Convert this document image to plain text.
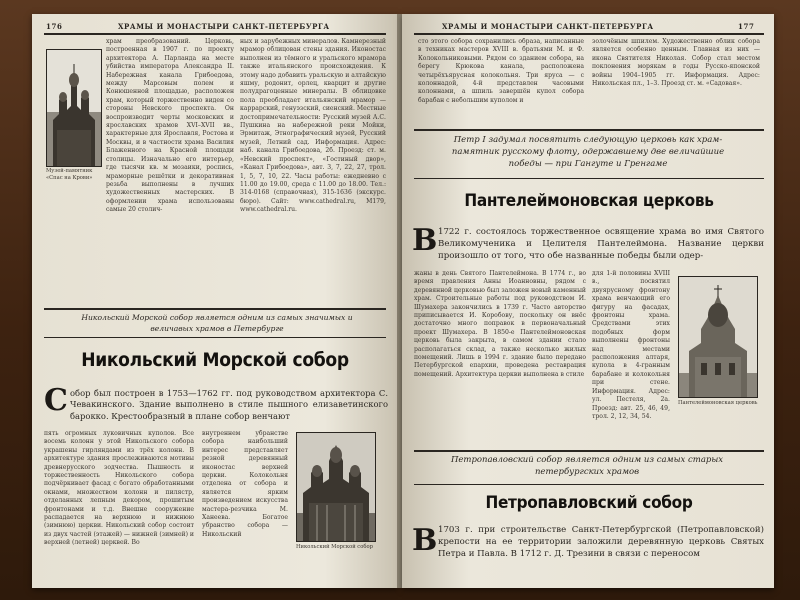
176	ХРАМЫ И МОНАСТЫРИ САНКТ-ПЕТЕРБУРГА
Музей-памятник «Спас на Крови»
храм преобразований. Церковь, построенная в 1907 г. по проекту архитектора А. Парланда на месте убийства императора Александра II. Набережная канала Грибоедова, между Марсовым полем и Конюшенной площадью, расположен храм, который торжественно виден со стороны Невского проспекта. Он воспроизводит черты московских и ярославских храмов XVI–XVII вв., характерные для Ярославля, Ростова и Москвы, и в частности храма Василия Блаженного на Красной площади столицы. Изначально его интерьер, где тысячи кв. м мозаики, роспись, мраморные решётки и декоративная резьба выполнены в лучших художественных мастерских. В оформлении храма использованы самые 20 столич-
ных и зарубежных минералов. Камнерезный мрамор облицован стены здания. Иконостас выполнен из тёмного и уральского мрамора также итальянского происхождения. К этому надо добавить уральскую и алтайскую яшму, родонит, орлец, кварцит и другие полудрагоценные минералы. В облицовке пола преобладает итальянский мрамор — каррарский, генуэзский, сиенский. Местные достопримечательности: Русский музей А.С. Пушкина на набережной реки Мойки, Эрмитаж, Этнографический музей, Русский музей, Летний сад. Информация. Адрес: наб. канала Грибоедова, 2б. Проезд: ст. м. «Невский проспект», «Гостиный двор», «Канал Грибоедова», авт. 3, 7, 22, 27, трол. 1, 5, 7, 10, 22. Часы работы: ежедневно с 11.00 до 19.00, среда с 11.00 до 18.00. Тел.: 314-0168 (справочная), 315-1636 (экскурс. бюро). Сайт: www.cathedral.ru, M179, www.cathedral.ru.
Никольский Морской собор является одним из самых значимых и величавых храмов в Петербурге
Никольский Морской собор
С обор был построен в 1753—1762 гг. под руководством архитектора С. Чевакинского. Здание выполнено в стиле пышного елизаветинского барокко. Крестообразный в плане собор венчают
пять огромных луковичных куполов. Все восемь колонн у этой Никольского собора украшены гирляндами из трёх колонн. В архитектуре здания прослеживаются мотивы древнерусского зодчества. Пышность и торжественность Никольского собора подчёркивает фасад с богато обработанными окнами, множеством колонн и пилястр, отделанных лепным декором, прошитым фронтонами и т.д. Внешне сооружение распадается на верхнюю и нижнюю (зимнюю) церкви. Никольский собор состоит из двух частей (этажей) — нижней (зимней) и верхней (летней) церквей. Во
внутреннем убранстве собора наибольший интерес представляет резной деревянный иконостас верхней церкви. Колокольня отделена от собора и является ярким произведением искусства мастера-резчика М. Ханеева. Богатое убранство собора — Никольский
Никольский Морской собор
ХРАМЫ И МОНАСТЫРИ САНКТ-ПЕТЕРБУРГА	177
сто этого собора сохранились образа, написанные в техниках мастеров XVIII в. братьями М. и Ф. Колокольниковыми. Рядом со зданием собора, на берегу Крюкова канала, расположена четырёхъярусная колокольня. Три яруса — с колоннадой, 4-й представлен часовыми колоннами, а шпиль завершён купол собора барабан с небольшим куполом и
золочёным шпилем. Художественно облик собора является особенно ценным. Главная из них — икона Святителя Николая. Собор стал местом поклонения морякам в годы Русско-японской войны 1904–1905 гг. Информация. Адрес: Никольская пл., 1–3. Проезд ст. м. «Садовая».
Петр I задумал посвятить следующую церковь как храм-памятник русскому флоту, одержавшему две величайшие победы — при Гангуте и Гренгаме
Пантелеймоновская церковь
В 1722 г. состоялось торжественное освящение храма во имя Святого Великомученика и Целителя Пантелеймона. Название церкви произошло от того, что обе названные победы были одер-
жаны в день Святого Пантелеймона. В 1774 г., во время правления Анны Иоанновны, рядом с деревянной церковью был заложен новый каменный храм. Строительные работы под руководством И. Шумахера закончились в 1739 г. Часто авторство приписывается И. Коробову, поскольку он внёс достаточно много поправок в первоначальный проект Шумахера. В 1850-е Пантелеймоновская церковь была закрыта, в самом здании стало располагаться склад, а также несколько жилых помещений. Лишь в 1994 г. здание было передано Петербургской епархии, проведена реставрация помещений. Архитектура церкви выполнена в стиле
для 1-й половины XVIII в., посвятил двуярусному фронтону храма венчающий его фигуру на фасадах, фронтоны храма. Средствами этих подобных форм выполнены фронтоны над местами расположения алтаря, купола в 4-гранным барабане и колокольня при стене. Информация. Адрес: ул. Пестеля, 2а. Проезд: авт. 25, 46, 49, трол. 2, 12, 34, 54.
Пантелеймоновская церковь
Петропавловский собор является одним из самых старых петербургских храмов
Петропавловский собор
В 1703 г. при строительстве Санкт-Петербургской (Петропавловской) крепости на ее территории заложили деревянную церковь Святых Петра и Павла. В 1712 г. Д. Трезини в связи с переносом
